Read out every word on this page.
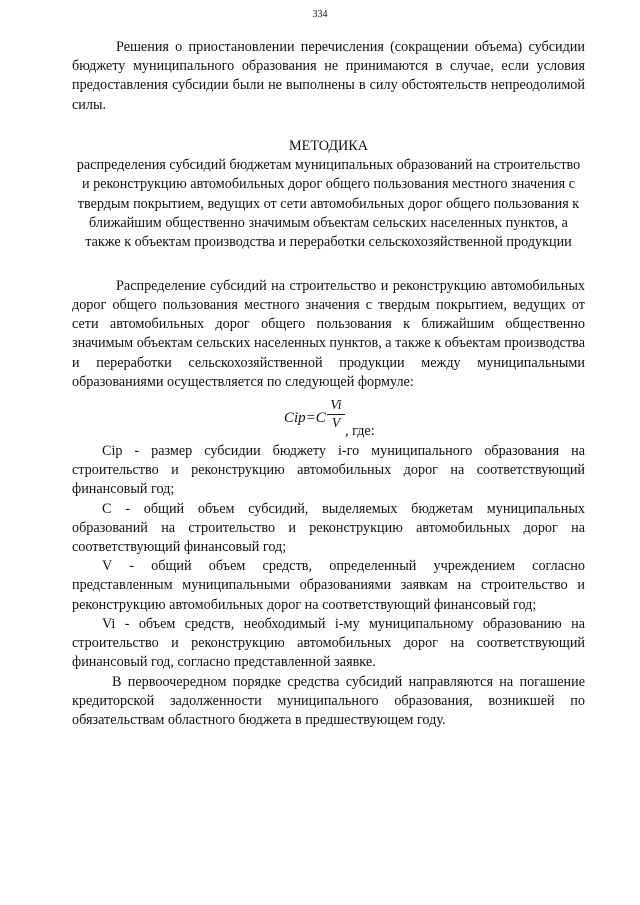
334

Решения о приостановлении перечисления (сокращении объема) субсидии бюджету муниципального образования не принимаются в случае, если условия предоставления субсидии были не выполнены в силу обстоятельств непреодолимой силы.

МЕТОДИКА

распределения субсидий бюджетам муниципальных образований на строительство и реконструкцию автомобильных дорог общего пользования местного значения с твердым покрытием, ведущих от сети автомобильных дорог общего пользования к ближайшим общественно значимым объектам сельских населенных пунктов, а также к объектам производства и переработки сельскохозяйственной продукции

Распределение субсидий на строительство и реконструкцию автомобильных дорог общего пользования местного значения с твердым покрытием, ведущих от сети автомобильных дорог общего пользования к ближайшим общественно значимым объектам сельских населенных пунктов, а также к объектам производства и переработки сельскохозяйственной продукции между муниципальными образованиями осуществляется по следующей формуле:

$Cip=C \frac{Vi}{V}$ , где:

Cip - размер субсидии бюджету i-го муниципального образования на строительство и реконструкцию автомобильных дорог на соответствующий финансовый год;

C - общий объем субсидий, выделяемых бюджетам муниципальных образований на строительство и реконструкцию автомобильных дорог на соответствующий финансовый год;

V - общий объем средств, определенный учреждением согласно представленным муниципальными образованиями заявкам на строительство и реконструкцию автомобильных дорог на соответствующий финансовый год;

Vi - объем средств, необходимый i-му муниципальному образованию на строительство и реконструкцию автомобильных дорог на соответствующий финансовый год, согласно представленной заявке.

В первоочередном порядке средства субсидий направляются на погашение кредиторской задолженности муниципального образования, возникшей по обязательствам областного бюджета в предшествующем году.
